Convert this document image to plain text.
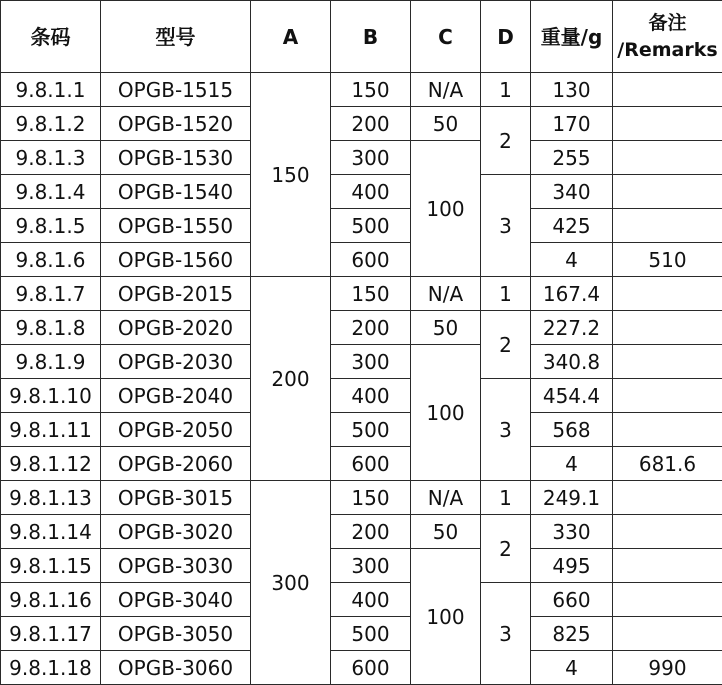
条码	型号	A	B	C	D	重量/g	备注
/Remarks	
9.8.1.1	OPGB-1515	150	150	N/A	1	130		
9.8.1.2	OPGB-1520		200	50	2	170		
9.8.1.3	OPGB-1530		300	100		255		
9.8.1.4	OPGB-1540		400		3	340		
9.8.1.5	OPGB-1550		500			425		
9.8.1.6	OPGB-1560		600			4	510	
9.8.1.7	OPGB-2015	200	150	N/A	1	167.4		
9.8.1.8	OPGB-2020		200	50	2	227.2		
9.8.1.9	OPGB-2030		300	100		340.8		
9.8.1.10	OPGB-2040		400		3	454.4		
9.8.1.11	OPGB-2050		500			568		
9.8.1.12	OPGB-2060		600			4	681.6	
9.8.1.13	OPGB-3015	300	150	N/A	1	249.1		
9.8.1.14	OPGB-3020		200	50	2	330		
9.8.1.15	OPGB-3030		300	100		495		
9.8.1.16	OPGB-3040		400		3	660		
9.8.1.17	OPGB-3050		500			825		
9.8.1.18	OPGB-3060		600			4	990	
